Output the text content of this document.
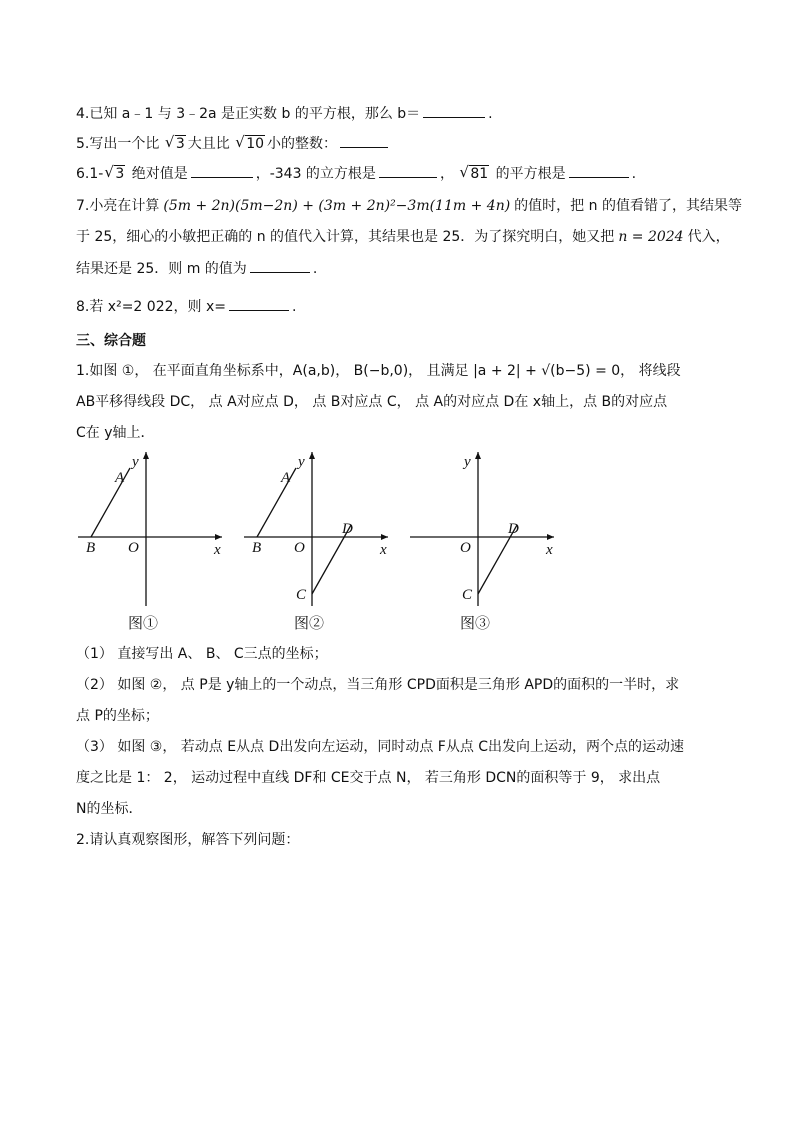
4.已知 a﹣1 与 3﹣2a 是正实数 b 的平方根，那么 b＝	.
5.写出一个比 √ 3 大且比 √ 10 小的整数：
6.1- √ 3 绝对值是	，-343 的立方根是	， √ 81 的平方根是	.
7.小亮在计算 (5m + 2n)(5m−2n) + (3m + 2n)²−3m(11m + 4n) 的值时，把 n 的值看错了，其结果等
于 25，细心的小敏把正确的 n 的值代入计算，其结果也是 25．为了探究明白，她又把 n = 2024 代入，
结果还是 25．则 m 的值为	.
8.若 x²=2 022，则 x=	.
三、综合题
1.如图 ①， 在平面直角坐标系中，A(a,b)， B(−b,0)， 且满足 |a + 2| + √(b−5) = 0， 将线段
AB平移得线段 DC， 点 A对应点 D， 点 B对应点 C， 点 A的对应点 D在 x轴上，点 B的对应点
C在 y轴上．
y
x
A
B O
y
x
A
B O
D
C
y
x
O
D
C
图①	图②	图③
（1） 直接写出 A、 B、 C三点的坐标；
（2） 如图 ②， 点 P是 y轴上的一个动点，当三角形 CPD面积是三角形 APD的面积的一半时，求
点 P的坐标；
（3） 如图 ③， 若动点 E从点 D出发向左运动，同时动点 F从点 C出发向上运动，两个点的运动速
度之比是 1： 2， 运动过程中直线 DF和 CE交于点 N， 若三角形 DCN的面积等于 9， 求出点
N的坐标．
2.请认真观察图形，解答下列问题：
